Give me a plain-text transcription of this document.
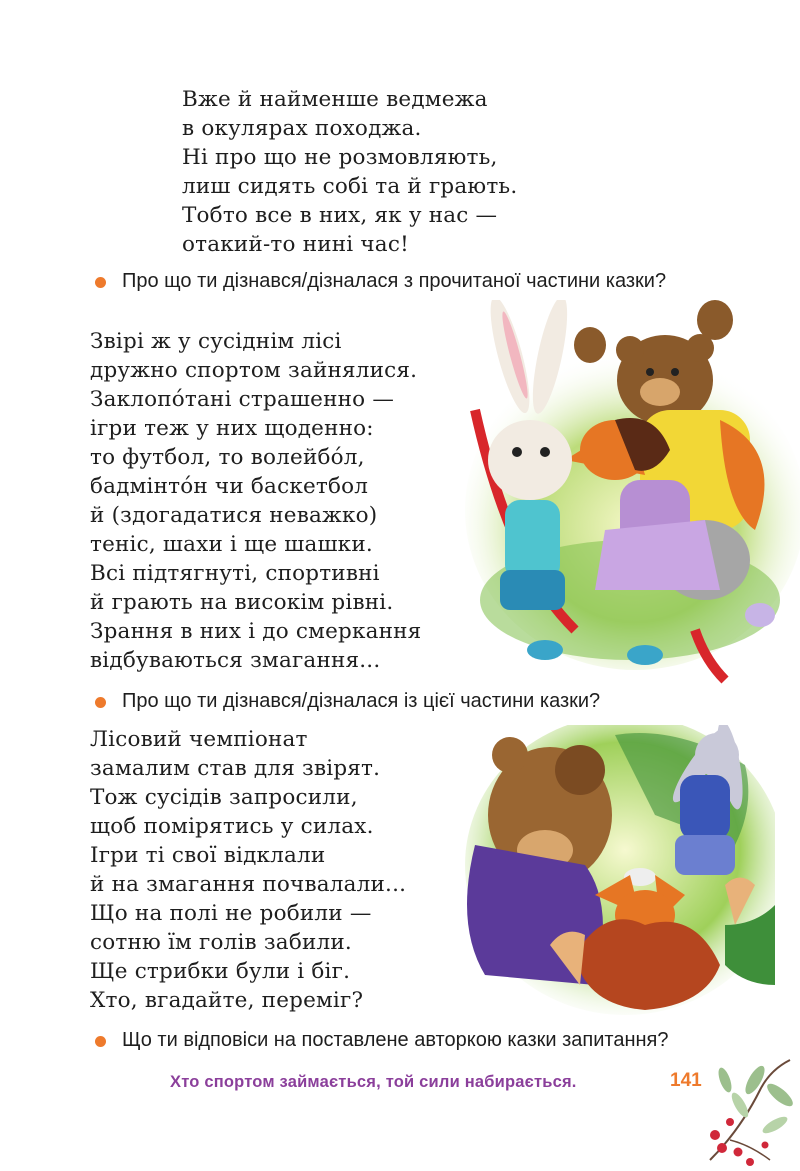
Вже й найменше ведмежа
в окулярах походжа.
Ні про що не розмовляють,
лиш сидять собі та й грають.
Тобто все в них, як у нас —
отакий-то нині час!
Про що ти дізнався/дізналася з прочитаної частини казки?
Звірі ж у сусіднім лісі
дружно спортом зайнялися.
Заклопо́тані страшенно —
ігри теж у них щоденно:
то футбол, то волейбо́л,
бадмінто́н чи баскетбол
й (здогадатися неважко)
теніс, шахи і ще шашки.
Всі підтягнуті, спортивні
й грають на високім рівні.
Зрання в них і до смеркання
відбуваються змагання...
Про що ти дізнався/дізналася із цієї частини казки?
Лісовий чемпіонат
замалим став для звірят.
Тож сусідів запросили,
щоб помірятись у силах.
Ігри ті свої відклали
й на змагання почвалали...
Що на полі не робили —
сотню їм голів забили.
Ще стрибки були і біг.
Хто, вгадайте, переміг?
Що ти відповіси на поставлене авторкою казки запитання?
Хто спортом займається, той сили набирається.	141
